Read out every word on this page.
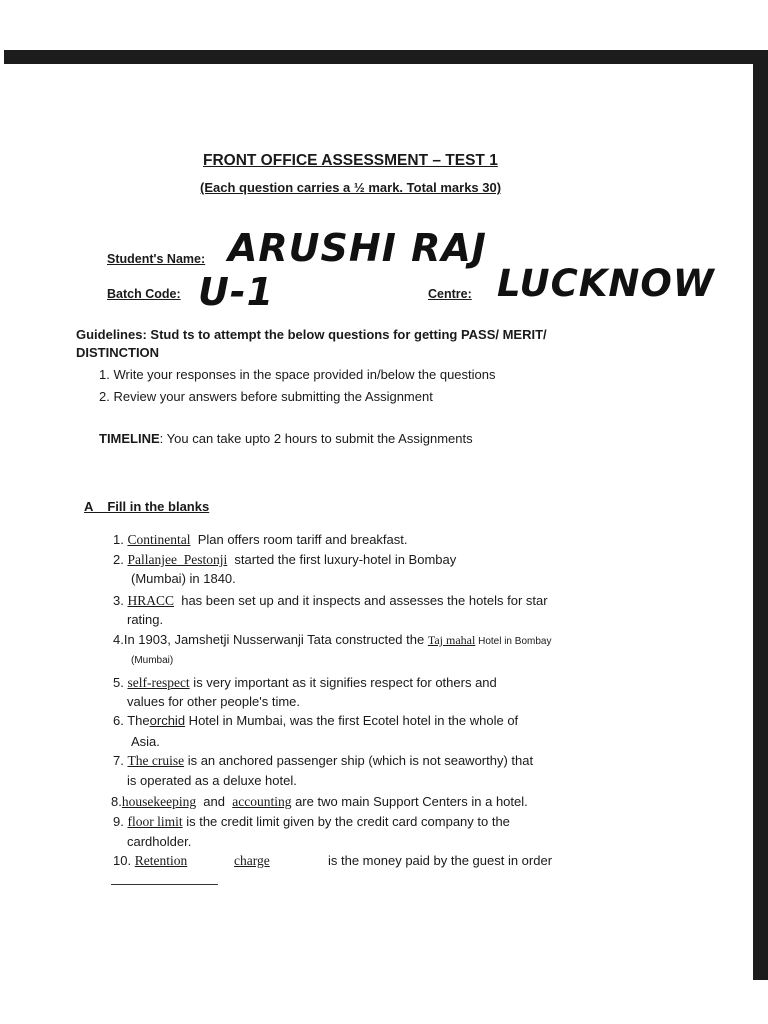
FRONT OFFICE ASSESSMENT – TEST 1
(Each question carries a ½ mark. Total marks 30)
Student's Name: ARUSHI RAJ
Batch Code: U-1	Centre: LUCKNOW
Guidelines: Stud ts to attempt the below questions for getting PASS/ MERIT/
DISTINCTION
1. Write your responses in the space provided in/below the questions
2. Review your answers before submitting the Assignment
TIMELINE: You can take upto 2 hours to submit the Assignments
A    Fill in the blanks
1. Continental  Plan offers room tariff and breakfast.
2. Pallanjee  Pestonji  started the first luxury-hotel in Bombay
(Mumbai) in 1840.
3. HRACC  has been set up and it inspects and assesses the hotels for star
rating.
4.In 1903, Jamshetji Nusserwanji Tata constructed the Taj mahal Hotel in Bombay
(Mumbai)
5. self-respect is very important as it signifies respect for others and
values for other people's time.
6. Theorchid Hotel in Mumbai, was the first Ecotel hotel in the whole of
Asia.
7. The cruise is an anchored passenger ship (which is not seaworthy) that
is operated as a deluxe hotel.
8.housekeeping  and  accounting are two main Support Centers in a hotel.
9. floor limit is the credit limit given by the credit card company to the
cardholder.
10. Retention	charge	is the money paid by the guest in order
